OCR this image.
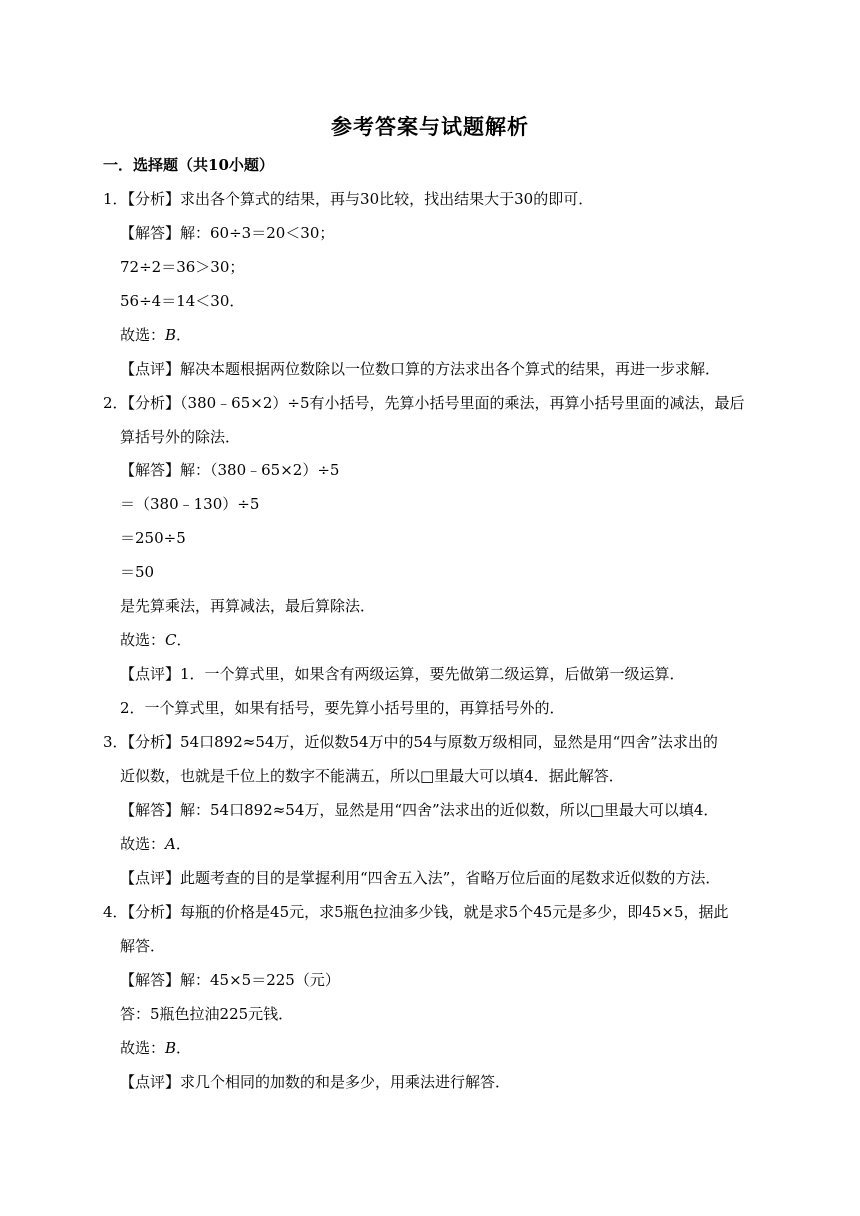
参考答案与试题解析
一．选择题（共10小题）
1．【分析】求出各个算式的结果，再与30比较，找出结果大于30的即可．
【解答】解：60÷3＝20＜30；
72÷2＝36＞30；
56÷4＝14＜30．
故选：B．
【点评】解决本题根据两位数除以一位数口算的方法求出各个算式的结果，再进一步求解．
2．【分析】（380﹣65×2）÷5有小括号，先算小括号里面的乘法，再算小括号里面的减法，最后
算括号外的除法．
【解答】解：（380﹣65×2）÷5
＝（380﹣130）÷5
＝250÷5
＝50
是先算乘法，再算减法，最后算除法．
故选：C．
【点评】1．一个算式里，如果含有两级运算，要先做第二级运算，后做第一级运算．
2．一个算式里，如果有括号，要先算小括号里的，再算括号外的．
3．【分析】54口892≈54万，近似数54万中的54与原数万级相同，显然是用“四舍”法求出的
近似数，也就是千位上的数字不能满五，所以□里最大可以填4．据此解答．
【解答】解：54口892≈54万，显然是用“四舍”法求出的近似数，所以□里最大可以填4．
故选：A．
【点评】此题考查的目的是掌握利用“四舍五入法”，省略万位后面的尾数求近似数的方法．
4．【分析】每瓶的价格是45元，求5瓶色拉油多少钱，就是求5个45元是多少，即45×5，据此
解答．
【解答】解：45×5＝225（元）
答：5瓶色拉油225元钱．
故选：B．
【点评】求几个相同的加数的和是多少，用乘法进行解答．
